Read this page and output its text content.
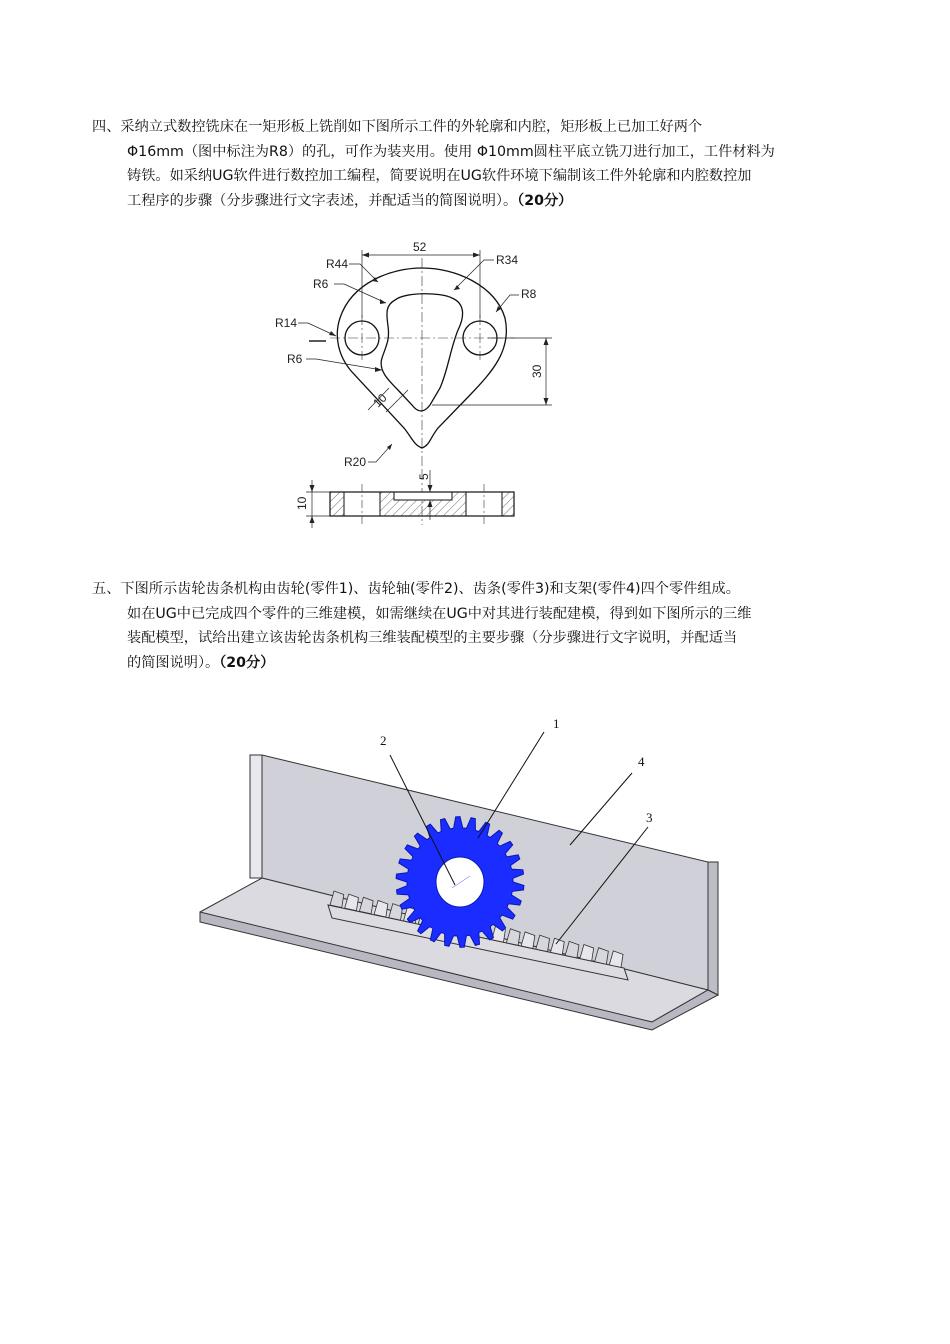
四、采纳立式数控铣床在一矩形板上铣削如下图所示工件的外轮廓和内腔，矩形板上已加工好两个

Φ16mm（图中标注为R8）的孔，可作为装夹用。使用 Φ10mm圆柱平底立铣刀进行加工，工件材料为

铸铁。如采纳UG软件进行数控加工编程，简要说明在UG软件环境下编制该工件外轮廓和内腔数控加

工程序的步骤（分步骤进行文字表述，并配适当的简图说明）。（20分）

52
R44	R34
R6
R8
R14
R6
R20
10
30
10
5

五、下图所示齿轮齿条机构由齿轮(零件1)、齿轮轴(零件2)、齿条(零件3)和支架(零件4)四个零件组成。

如在UG中已完成四个零件的三维建模，如需继续在UG中对其进行装配建模，得到如下图所示的三维

装配模型，试给出建立该齿轮齿条机构三维装配模型的主要步骤（分步骤进行文字说明，并配适当

的简图说明）。（20分）

1
2
3
4
